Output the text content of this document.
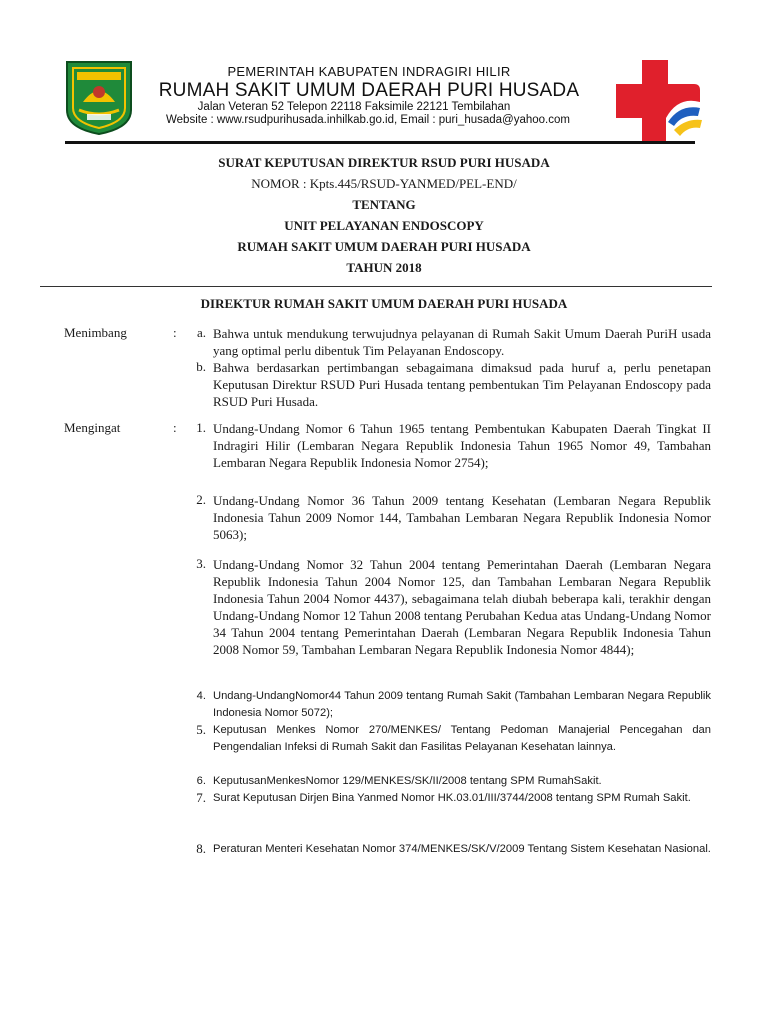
PEMERINTAH KABUPATEN INDRAGIRI HILIR
RUMAH SAKIT UMUM DAERAH PURI HUSADA
Jalan Veteran 52 Telepon 22118 Faksimile 22121 Tembilahan
Website : www.rsudpurihusada.inhilkab.go.id, Email : puri_husada@yahoo.com
SURAT KEPUTUSAN DIREKTUR RSUD PURI HUSADA
NOMOR : Kpts.445/RSUD-YANMED/PEL-END/
TENTANG
UNIT PELAYANAN ENDOSCOPY
RUMAH SAKIT UMUM DAERAH PURI HUSADA
TAHUN 2018
DIREKTUR RUMAH SAKIT UMUM DAERAH PURI HUSADA
Menimbang	:	a. Bahwa untuk mendukung terwujudnya pelayanan di Rumah Sakit Umum Daerah PuriH usada yang optimal perlu dibentuk Tim Pelayanan Endoscopy.
b. Bahwa berdasarkan pertimbangan sebagaimana dimaksud pada huruf a, perlu penetapan Keputusan Direktur RSUD Puri Husada tentang pembentukan Tim Pelayanan Endoscopy pada RSUD Puri Husada.
Mengingat	:	1. Undang-Undang Nomor 6 Tahun 1965 tentang Pembentukan Kabupaten Daerah Tingkat II Indragiri Hilir (Lembaran Negara Republik Indonesia Tahun 1965 Nomor 49, Tambahan Lembaran Negara Republik Indonesia Nomor 2754);
2. Undang-Undang Nomor 36 Tahun 2009 tentang Kesehatan (Lembaran Negara Republik Indonesia Tahun 2009 Nomor 144, Tambahan Lembaran Negara Republik Indonesia Nomor 5063);
3. Undang-Undang Nomor 32 Tahun 2004 tentang Pemerintahan Daerah (Lembaran Negara Republik Indonesia Tahun 2004 Nomor 125, dan Tambahan Lembaran Negara Republik Indonesia Tahun 2004 Nomor 4437), sebagaimana telah diubah beberapa kali, terakhir dengan Undang-Undang Nomor 12 Tahun 2008 tentang Perubahan Kedua atas Undang-Undang Nomor 34 Tahun 2004 tentang Pemerintahan Daerah (Lembaran Negara Republik Indonesia Tahun 2008 Nomor 59, Tambahan Lembaran Negara Republik Indonesia Nomor 4844);
4. Undang-UndangNomor44 Tahun 2009 tentang Rumah Sakit (Tambahan Lembaran Negara Republik Indonesia Nomor 5072);
5. Keputusan Menkes Nomor 270/MENKES/ Tentang Pedoman Manajerial Pencegahan dan Pengendalian Infeksi di Rumah Sakit dan Fasilitas Pelayanan Kesehatan lainnya.
6. KeputusanMenkesNomor 129/MENKES/SK/II/2008 tentang SPM RumahSakit.
7. Surat Keputusan Dirjen Bina Yanmed Nomor HK.03.01/III/3744/2008 tentang SPM Rumah Sakit.
8. Peraturan Menteri Kesehatan Nomor 374/MENKES/SK/V/2009 Tentang Sistem Kesehatan Nasional.
